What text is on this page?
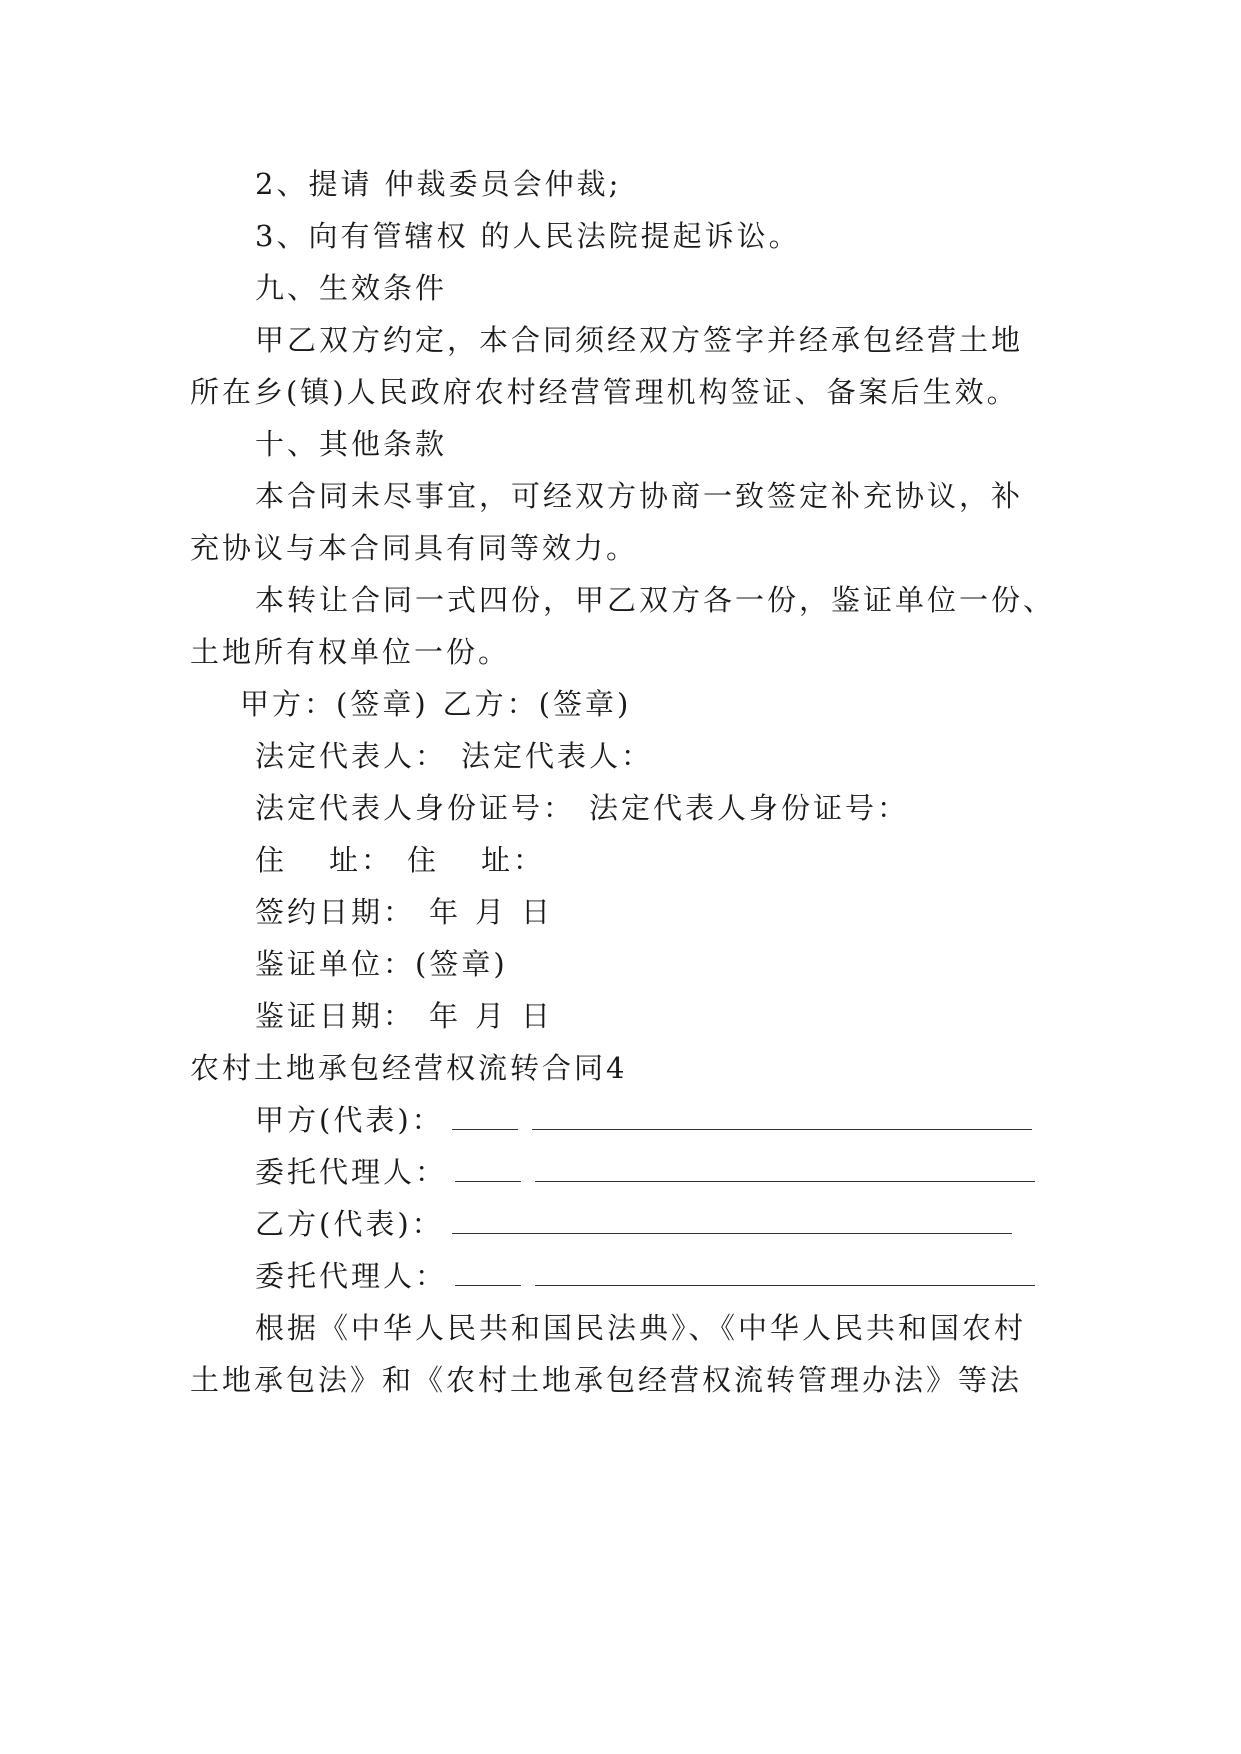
2、提请 仲裁委员会仲裁;
3、向有管辖权 的人民法院提起诉讼。
九、生效条件
甲乙双方约定，本合同须经双方签字并经承包经营土地
所在乡(镇)人民政府农村经营管理机构签证、备案后生效。
十、其他条款
本合同未尽事宜，可经双方协商一致签定补充协议，补
充协议与本合同具有同等效力。
本转让合同一式四份，甲乙双方各一份，鉴证单位一份、
土地所有权单位一份。
甲方：(签章) 乙方：(签章)
法定代表人： 法定代表人：
法定代表人身份证号： 法定代表人身份证号：
住 址： 住 址：
签约日期： 年 月 日
鉴证单位：(签章)
鉴证日期： 年 月 日
农村土地承包经营权流转合同4
甲方(代表)：
委托代理人：
乙方(代表)：
委托代理人：
根据《中华人民共和国民法典》、《中华人民共和国农村
土地承包法》和《农村土地承包经营权流转管理办法》等法
